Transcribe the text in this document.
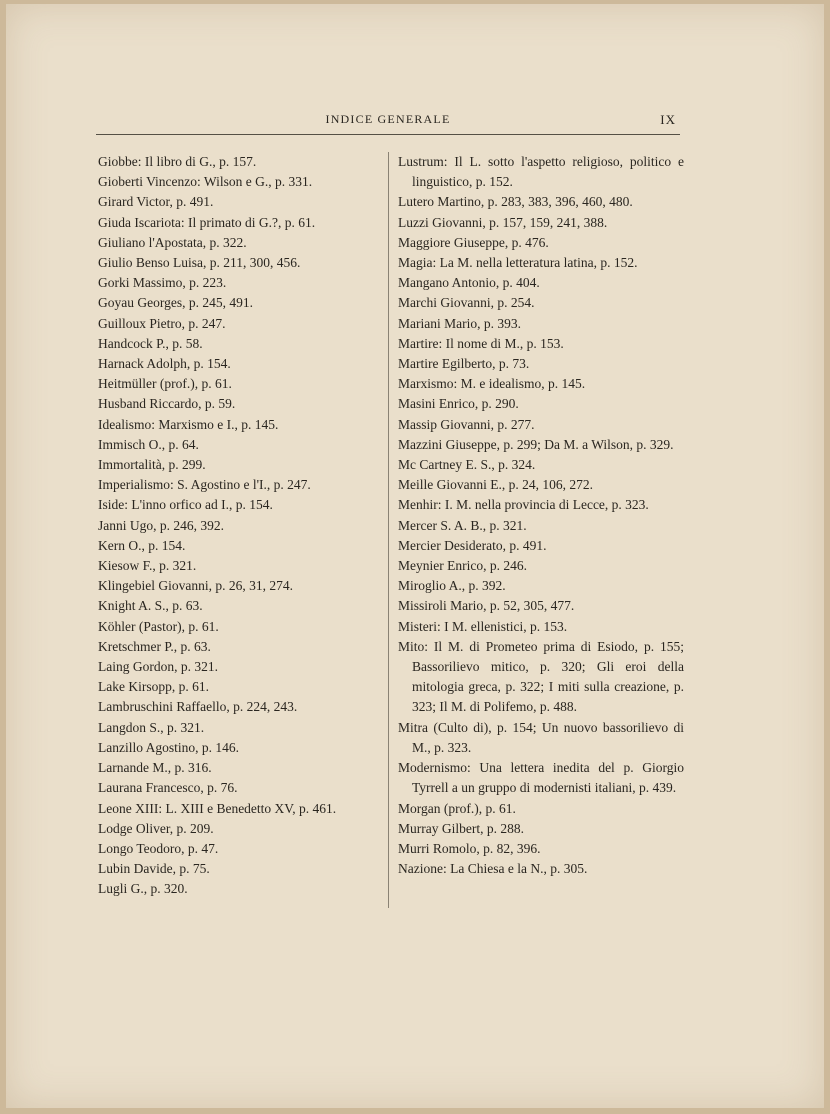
INDICE GENERALE	IX
Giobbe: Il libro di G., p. 157.
Gioberti Vincenzo: Wilson e G., p. 331.
Girard Victor, p. 491.
Giuda Iscariota: Il primato di G.?, p. 61.
Giuliano l'Apostata, p. 322.
Giulio Benso Luisa, p. 211, 300, 456.
Gorki Massimo, p. 223.
Goyau Georges, p. 245, 491.
Guilloux Pietro, p. 247.
Handcock P., p. 58.
Harnack Adolph, p. 154.
Heitmüller (prof.), p. 61.
Husband Riccardo, p. 59.
Idealismo: Marxismo e I., p. 145.
Immisch O., p. 64.
Immortalità, p. 299.
Imperialismo: S. Agostino e l'I., p. 247.
Iside: L'inno orfico ad I., p. 154.
Janni Ugo, p. 246, 392.
Kern O., p. 154.
Kiesow F., p. 321.
Klingebiel Giovanni, p. 26, 31, 274.
Knight A. S., p. 63.
Köhler (Pastor), p. 61.
Kretschmer P., p. 63.
Laing Gordon, p. 321.
Lake Kirsopp, p. 61.
Lambruschini Raffaello, p. 224, 243.
Langdon S., p. 321.
Lanzillo Agostino, p. 146.
Larnande M., p. 316.
Laurana Francesco, p. 76.
Leone XIII: L. XIII e Benedetto XV, p. 461.
Lodge Oliver, p. 209.
Longo Teodoro, p. 47.
Lubin Davide, p. 75.
Lugli G., p. 320.
Lustrum: Il L. sotto l'aspetto religioso, politico e linguistico, p. 152.
Lutero Martino, p. 283, 383, 396, 460, 480.
Luzzi Giovanni, p. 157, 159, 241, 388.
Maggiore Giuseppe, p. 476.
Magia: La M. nella letteratura latina, p. 152.
Mangano Antonio, p. 404.
Marchi Giovanni, p. 254.
Mariani Mario, p. 393.
Martire: Il nome di M., p. 153.
Martire Egilberto, p. 73.
Marxismo: M. e idealismo, p. 145.
Masini Enrico, p. 290.
Massip Giovanni, p. 277.
Mazzini Giuseppe, p. 299; Da M. a Wilson, p. 329.
Mc Cartney E. S., p. 324.
Meille Giovanni E., p. 24, 106, 272.
Menhir: I. M. nella provincia di Lecce, p. 323.
Mercer S. A. B., p. 321.
Mercier Desiderato, p. 491.
Meynier Enrico, p. 246.
Miroglio A., p. 392.
Missiroli Mario, p. 52, 305, 477.
Misteri: I M. ellenistici, p. 153.
Mito: Il M. di Prometeo prima di Esiodo, p. 155; Bassorilievo mitico, p. 320; Gli eroi della mitologia greca, p. 322; I miti sulla creazione, p. 323; Il M. di Polifemo, p. 488.
Mitra (Culto di), p. 154; Un nuovo bassorilievo di M., p. 323.
Modernismo: Una lettera inedita del p. Giorgio Tyrrell a un gruppo di modernisti italiani, p. 439.
Morgan (prof.), p. 61.
Murray Gilbert, p. 288.
Murri Romolo, p. 82, 396.
Nazione: La Chiesa e la N., p. 305.
